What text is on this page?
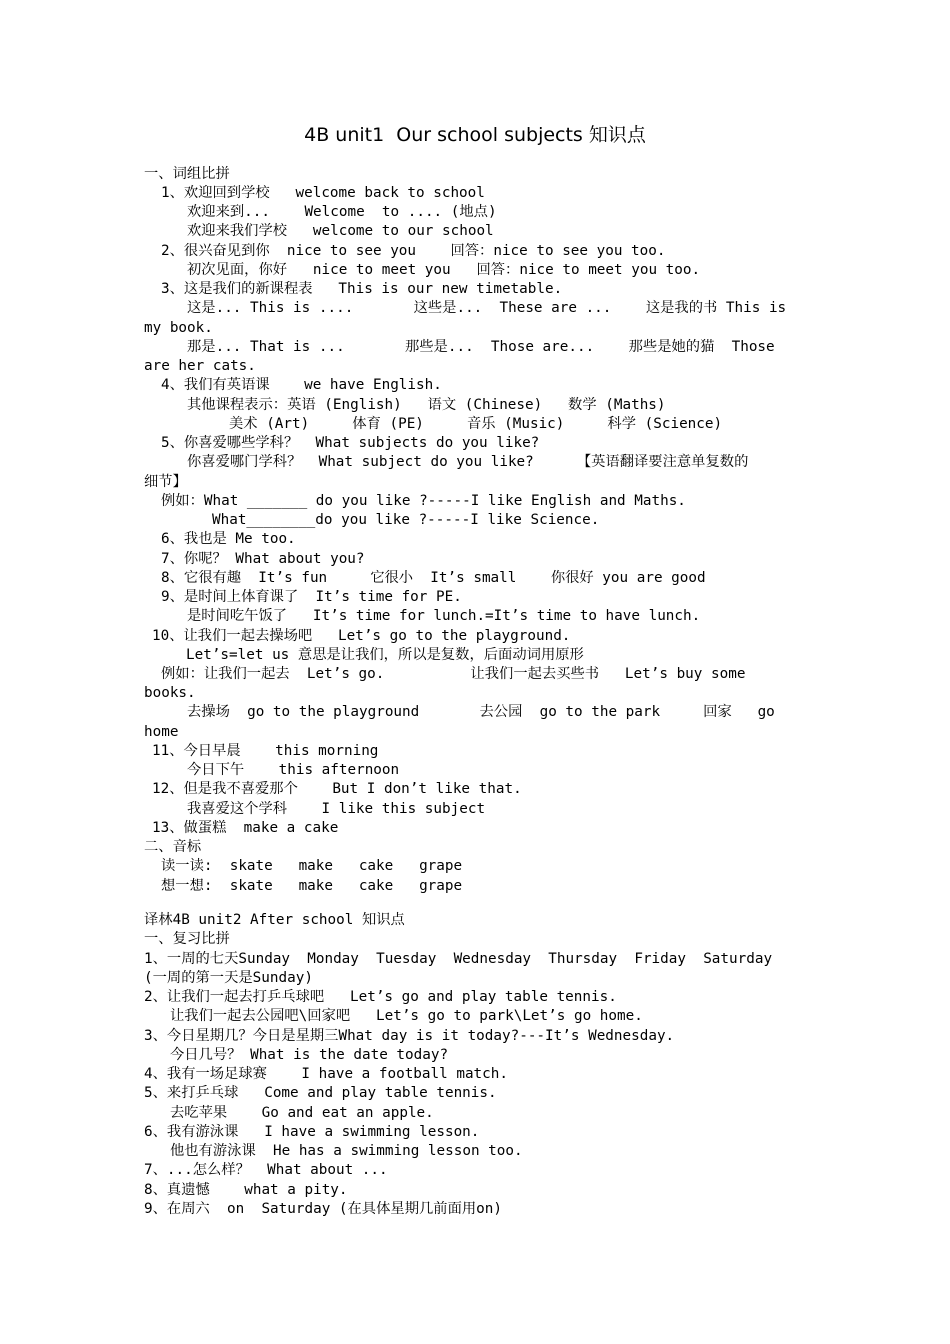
4B unit1  Our school subjects 知识点
一、词组比拼
1、欢迎回到学校   welcome back to school
欢迎来到...    Welcome  to .... (地点)
欢迎来我们学校   welcome to our school
2、很兴奋见到你  nice to see you    回答：nice to see you too.
初次见面，你好   nice to meet you   回答：nice to meet you too.
3、这是我们的新课程表   This is our new timetable.
这是... This is ....       这些是...  These are ...    这是我的书 This is
my book.
那是... That is ...       那些是...  Those are...    那些是她的猫  Those
are her cats.
4、我们有英语课    we have English.
其他课程表示：英语 (English)   语文 (Chinese)   数学 (Maths)
美术 (Art)     体育 (PE)     音乐 (Music)     科学 (Science)
5、你喜爱哪些学科？  What subjects do you like?
你喜爱哪门学科？  What subject do you like?     【英语翻译要注意单复数的
细节】
例如：What _______ do you like ?-----I like English and Maths.
What________do you like ?-----I like Science.
6、我也是 Me too.
7、你呢？ What about you?
8、它很有趣  It’s fun     它很小  It’s small    你很好 you are good
9、是时间上体育课了  It’s time for PE.
是时间吃午饭了   It’s time for lunch.=It’s time to have lunch.
10、让我们一起去操场吧   Let’s go to the playground.
Let’s=let us 意思是让我们，所以是复数，后面动词用原形
例如：让我们一起去  Let’s go.          让我们一起去买些书   Let’s buy some
books.
去操场  go to the playground       去公园  go to the park     回家   go
home
11、今日早晨    this morning
今日下午    this afternoon
12、但是我不喜爱那个    But I don’t like that.
我喜爱这个学科    I like this subject
13、做蛋糕  make a cake
二、音标
读一读:  skate   make   cake   grape
想一想:  skate   make   cake   grape
译林4B unit2 After school 知识点
一、复习比拼
1、一周的七天Sunday  Monday  Tuesday  Wednesday  Thursday  Friday  Saturday
(一周的第一天是Sunday)
2、让我们一起去打乒乓球吧   Let’s go and play table tennis.
让我们一起去公园吧\回家吧   Let’s go to park\Let’s go home.
3、今日星期几？今日是星期三What day is it today?---It’s Wednesday.
今日几号？ What is the date today?
4、我有一场足球赛    I have a football match.
5、来打乒乓球   Come and play table tennis.
去吃苹果    Go and eat an apple.
6、我有游泳课   I have a swimming lesson.
他也有游泳课  He has a swimming lesson too.
7、...怎么样？  What about ...
8、真遗憾    what a pity.
9、在周六  on  Saturday (在具体星期几前面用on)
